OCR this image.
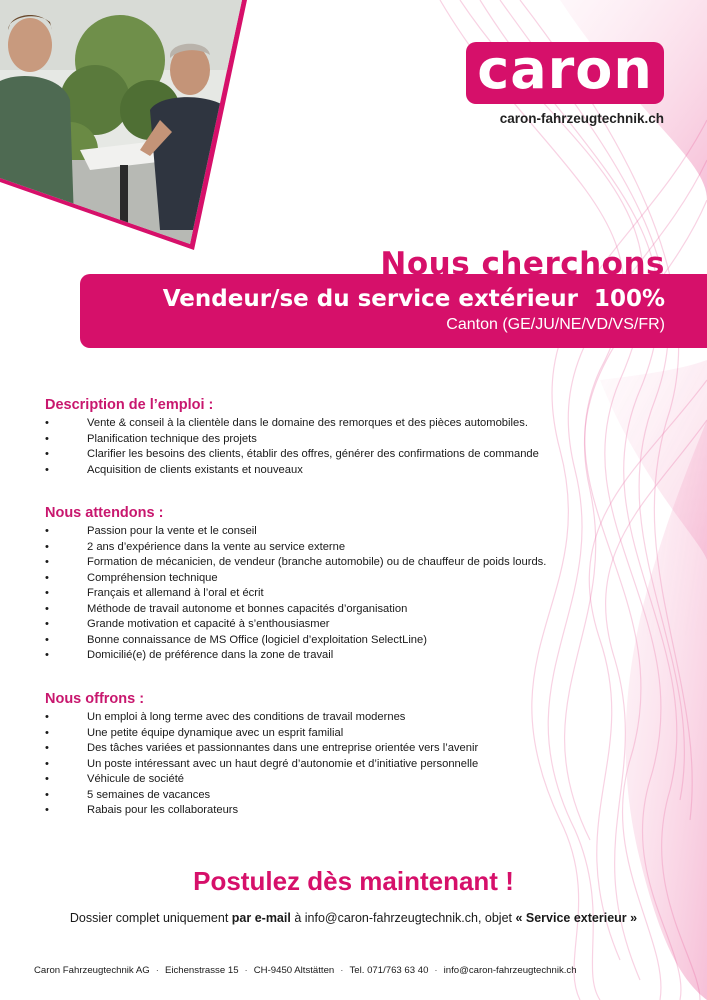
caron
caron-fahrzeugtechnik.ch
Nous cherchons
Vendeur/se du service extérieur  100%
Canton (GE/JU/NE/VD/VS/FR)
Description de l’emploi :
•	Vente & conseil à la clientèle dans le domaine des remorques et des pièces automobiles.
•	Planification technique des projets
•	Clarifier les besoins des clients, établir des offres, générer des confirmations de commande
•	Acquisition de clients existants et nouveaux
Nous attendons :
•	Passion pour la vente et le conseil
•	2 ans d’expérience dans la vente au service externe
•	Formation de mécanicien, de vendeur (branche automobile) ou de chauffeur de poids lourds.
•	Compréhension technique
•	Français et allemand à l’oral et écrit
•	Méthode de travail autonome et bonnes capacités d’organisation
•	Grande motivation et capacité à s’enthousiasmer
•	Bonne connaissance de MS Office (logiciel d’exploitation SelectLine)
•	Domicilié(e) de préférence dans la zone de travail
Nous offrons :
•	Un emploi à long terme avec des conditions de travail modernes
•	Une petite équipe dynamique avec un esprit familial
•	Des tâches variées et passionnantes dans une entreprise orientée vers l’avenir
•	Un poste intéressant avec un haut degré d’autonomie et d’initiative personnelle
•	Véhicule de société
•	5 semaines de vacances
•	Rabais pour les collaborateurs
Postulez dès maintenant !
Dossier complet uniquement par e-mail à info@caron-fahrzeugtechnik.ch, objet « Service exterieur »
Caron Fahrzeugtechnik AG · Eichenstrasse 15 · CH-9450 Altstätten · Tel. 071/763 63 40 · info@caron-fahrzeugtechnik.ch
